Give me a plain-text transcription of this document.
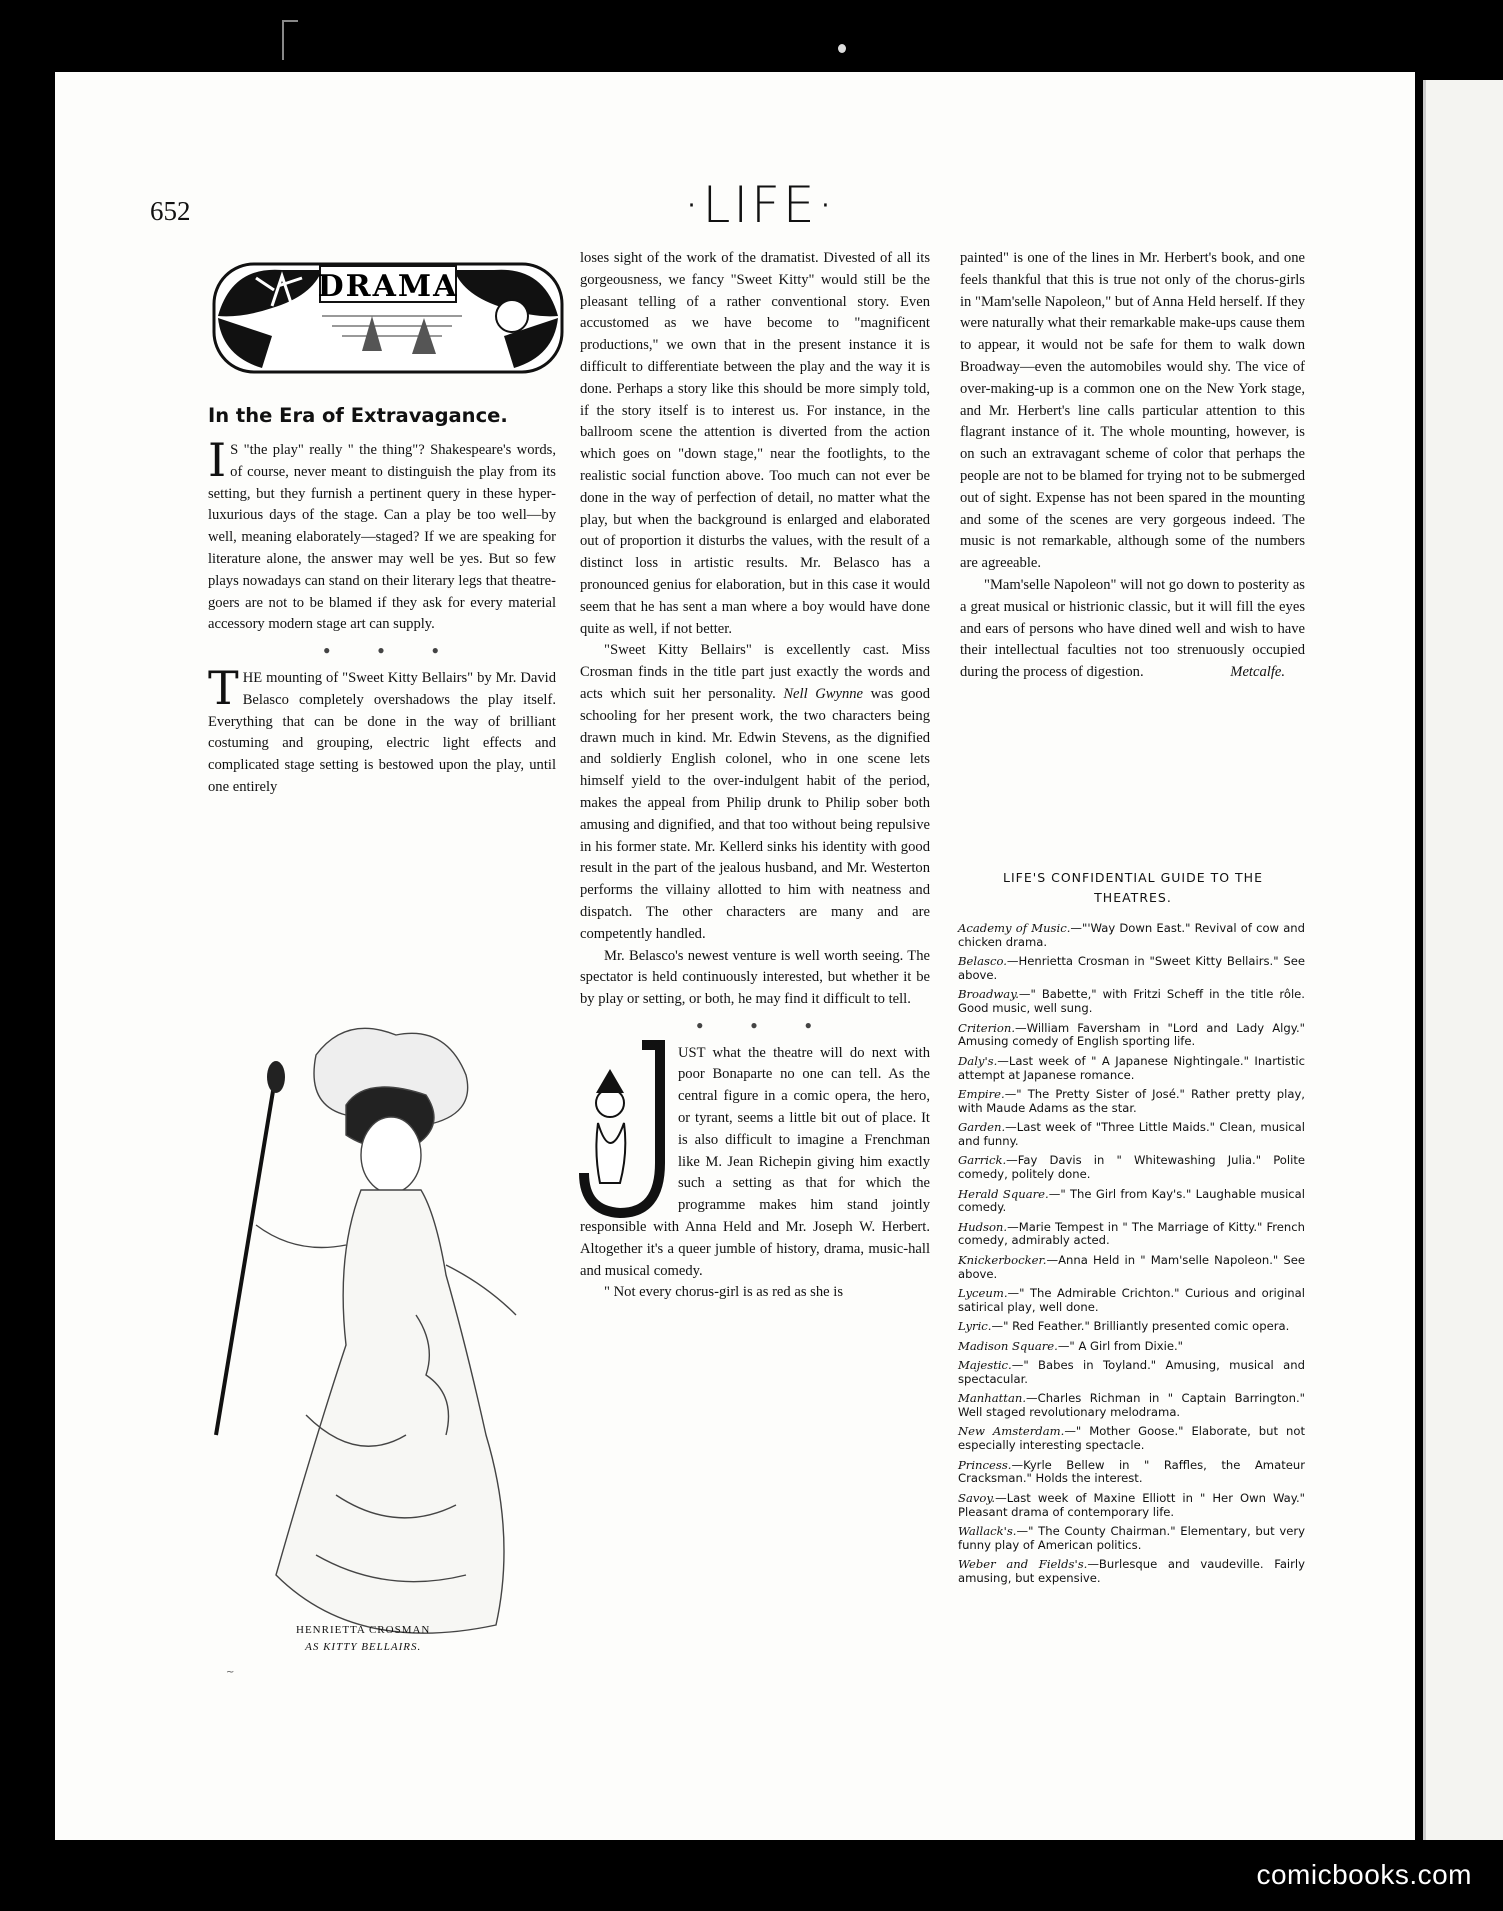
652	·LIFE·
DRAMA
In the Era of Extravagance.

I S "the play" really " the thing"? Shakespeare's words, of course, never meant to distinguish the play from its setting, but they furnish a pertinent query in these hyper-luxurious days of the stage. Can a play be too well—by well, meaning elaborately—staged? If we are speaking for literature alone, the answer may well be yes. But so few plays nowadays can stand on their literary legs that theatre-goers are not to be blamed if they ask for every material accessory modern stage art can supply.

● ● ●

THE mounting of "Sweet Kitty Bellairs" by Mr. David Belasco completely overshadows the play itself. Everything that can be done in the way of brilliant costuming and grouping, electric light effects and complicated stage setting is bestowed upon the play, until one entirely

~
HENRIETTA CROSMAN
AS KITTY BELLAIRS.

loses sight of the work of the dramatist. Divested of all its gorgeousness, we fancy "Sweet Kitty" would still be the pleasant telling of a rather conventional story. Even accustomed as we have become to "magnificent productions," we own that in the present instance it is difficult to differentiate between the play and the way it is done. Perhaps a story like this should be more simply told, if the story itself is to interest us. For instance, in the ballroom scene the attention is diverted from the action which goes on "down stage," near the footlights, to the realistic social function above. Too much can not ever be done in the way of perfection of detail, no matter what the play, but when the background is enlarged and elaborated out of proportion it disturbs the values, with the result of a distinct loss in artistic results. Mr. Belasco has a pronounced genius for elaboration, but in this case it would seem that he has sent a man where a boy would have done quite as well, if not better.

"Sweet Kitty Bellairs" is excellently cast. Miss Crosman finds in the title part just exactly the words and acts which suit her personality. Nell Gwynne was good schooling for her present work, the two characters being drawn much in kind. Mr. Edwin Stevens, as the dignified and soldierly English colonel, who in one scene lets himself yield to the over-indulgent habit of the period, makes the appeal from Philip drunk to Philip sober both amusing and dignified, and that too without being repulsive in his former state. Mr. Kellerd sinks his identity with good result in the part of the jealous husband, and Mr. Westerton performs the villainy allotted to him with neatness and dispatch. The other characters are many and are competently handled.

Mr. Belasco's newest venture is well worth seeing. The spectator is held continuously interested, but whether it be by play or setting, or both, he may find it difficult to tell.

● ● ●

UST what the theatre will do next with poor Bonaparte no one can tell. As the central figure in a comic opera, the hero, or tyrant, seems a little bit out of place. It is also difficult to imagine a Frenchman like M. Jean Richepin giving him exactly such a setting as that for which the programme makes him stand jointly responsible with Anna Held and Mr. Joseph W. Herbert. Altogether it's a queer jumble of history, drama, music-hall and musical comedy.

" Not every chorus-girl is as red as she is

painted" is one of the lines in Mr. Herbert's book, and one feels thankful that this is true not only of the chorus-girls in "Mam'selle Napoleon," but of Anna Held herself. If they were naturally what their remarkable make-ups cause them to appear, it would not be safe for them to walk down Broadway—even the automobiles would shy. The vice of over-making-up is a common one on the New York stage, and Mr. Herbert's line calls particular attention to this flagrant instance of it. The whole mounting, however, is on such an extravagant scheme of color that perhaps the people are not to be blamed for trying not to be submerged out of sight. Expense has not been spared in the mounting and some of the scenes are very gorgeous indeed. The music is not remarkable, although some of the numbers are agreeable.

"Mam'selle Napoleon" will not go down to posterity as a great musical or histrionic classic, but it will fill the eyes and ears of persons who have dined well and wish to have their intellectual faculties not too strenuously occupied during the process of digestion.	Metcalfe.

LIFE'S CONFIDENTIAL GUIDE TO THE THEATRES.
Academy of Music.—"'Way Down East." Revival of cow and chicken drama.
Belasco.—Henrietta Crosman in "Sweet Kitty Bellairs." See above.
Broadway.—" Babette," with Fritzi Scheff in the title rôle. Good music, well sung.
Criterion.—William Faversham in "Lord and Lady Algy." Amusing comedy of English sporting life.
Daly's.—Last week of " A Japanese Nightingale." Inartistic attempt at Japanese romance.
Empire.—" The Pretty Sister of José." Rather pretty play, with Maude Adams as the star.
Garden.—Last week of "Three Little Maids." Clean, musical and funny.
Garrick.—Fay Davis in " Whitewashing Julia." Polite comedy, politely done.
Herald Square.—" The Girl from Kay's." Laughable musical comedy.
Hudson.—Marie Tempest in " The Marriage of Kitty." French comedy, admirably acted.
Knickerbocker.—Anna Held in " Mam'selle Napoleon." See above.
Lyceum.—" The Admirable Crichton." Curious and original satirical play, well done.
Lyric.—" Red Feather." Brilliantly presented comic opera.
Madison Square.—" A Girl from Dixie."
Majestic.—" Babes in Toyland." Amusing, musical and spectacular.
Manhattan.—Charles Richman in " Captain Barrington." Well staged revolutionary melodrama.
New Amsterdam.—" Mother Goose." Elaborate, but not especially interesting spectacle.
Princess.—Kyrle Bellew in " Raffles, the Amateur Cracksman." Holds the interest.
Savoy.—Last week of Maxine Elliott in " Her Own Way." Pleasant drama of contemporary life.
Wallack's.—" The County Chairman." Elementary, but very funny play of American politics.
Weber and Fields's.—Burlesque and vaudeville. Fairly amusing, but expensive.
comicbooks.com
